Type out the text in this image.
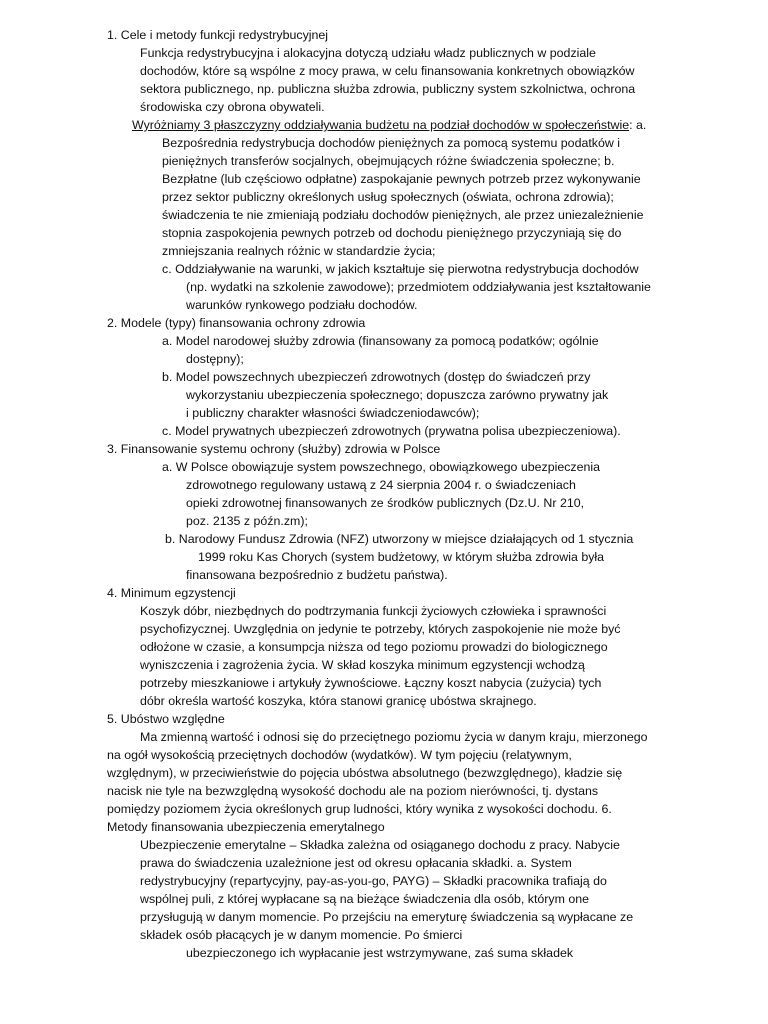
1. Cele i metody funkcji redystrybucyjnej
Funkcja redystrybucyjna i alokacyjna dotyczą udziału władz publicznych w podziale
dochodów, które są wspólne z mocy prawa, w celu finansowania konkretnych obowiązków
sektora publicznego, np. publiczna służba zdrowia, publiczny system szkolnictwa, ochrona
środowiska czy obrona obywateli.
Wyróżniamy 3 płaszczyzny oddziaływania budżetu na podział dochodów w społeczeństwie: a.
Bezpośrednia redystrybucja dochodów pieniężnych za pomocą systemu podatków i
pieniężnych transferów socjalnych, obejmujących różne świadczenia społeczne; b.
Bezpłatne (lub częściowo odpłatne) zaspokajanie pewnych potrzeb przez wykonywanie
przez sektor publiczny określonych usług społecznych (oświata, ochrona zdrowia);
świadczenia te nie zmieniają podziału dochodów pieniężnych, ale przez uniezależnienie
stopnia zaspokojenia pewnych potrzeb od dochodu pieniężnego przyczyniają się do
zmniejszania realnych różnic w standardzie życia;
c. Oddziaływanie na warunki, w jakich kształtuje się pierwotna redystrybucja dochodów
(np. wydatki na szkolenie zawodowe); przedmiotem oddziaływania jest kształtowanie
warunków rynkowego podziału dochodów.
2. Modele (typy) finansowania ochrony zdrowia
a. Model narodowej służby zdrowia (finansowany za pomocą podatków; ogólnie
dostępny);
b. Model powszechnych ubezpieczeń zdrowotnych (dostęp do świadczeń przy
wykorzystaniu ubezpieczenia społecznego; dopuszcza zarówno prywatny jak
i publiczny charakter własności świadczeniodawców);
c. Model prywatnych ubezpieczeń zdrowotnych (prywatna polisa ubezpieczeniowa).
3. Finansowanie systemu ochrony (służby) zdrowia w Polsce
a. W Polsce obowiązuje system powszechnego, obowiązkowego ubezpieczenia
zdrowotnego regulowany ustawą z 24 sierpnia 2004 r. o świadczeniach
opieki zdrowotnej finansowanych ze środków publicznych (Dz.U. Nr 210,
poz. 2135 z późn.zm);
b. Narodowy Fundusz Zdrowia (NFZ) utworzony w miejsce działających od 1 stycznia
1999 roku Kas Chorych (system budżetowy, w którym służba zdrowia była
finansowana bezpośrednio z budżetu państwa).
4. Minimum egzystencji
Koszyk dóbr, niezbędnych do podtrzymania funkcji życiowych człowieka i sprawności
psychofizycznej. Uwzględnia on jedynie te potrzeby, których zaspokojenie nie może być
odłożone w czasie, a konsumpcja niższa od tego poziomu prowadzi do biologicznego
wyniszczenia i zagrożenia życia. W skład koszyka minimum egzystencji wchodzą
potrzeby mieszkaniowe i artykuły żywnościowe. Łączny koszt nabycia (zużycia) tych
dóbr określa wartość koszyka, która stanowi granicę ubóstwa skrajnego.
5. Ubóstwo względne
Ma zmienną wartość i odnosi się do przeciętnego poziomu życia w danym kraju, mierzonego
na ogół wysokością przeciętnych dochodów (wydatków). W tym pojęciu (relatywnym,
względnym), w przeciwieństwie do pojęcia ubóstwa absolutnego (bezwzględnego), kładzie się
nacisk nie tyle na bezwzględną wysokość dochodu ale na poziom nierówności, tj. dystans
pomiędzy poziomem życia określonych grup ludności, który wynika z wysokości dochodu. 6.
Metody finansowania ubezpieczenia emerytalnego
Ubezpieczenie emerytalne – Składka zależna od osiąganego dochodu z pracy. Nabycie
prawa do świadczenia uzależnione jest od okresu opłacania składki. a. System
redystrybucyjny (repartycyjny, pay-as-you-go, PAYG) – Składki pracownika trafiają do
wspólnej puli, z której wypłacane są na bieżące świadczenia dla osób, którym one
przysługują w danym momencie. Po przejściu na emeryturę świadczenia są wypłacane ze
składek osób płacących je w danym momencie. Po śmierci
ubezpieczonego ich wypłacanie jest wstrzymywane, zaś suma składek
